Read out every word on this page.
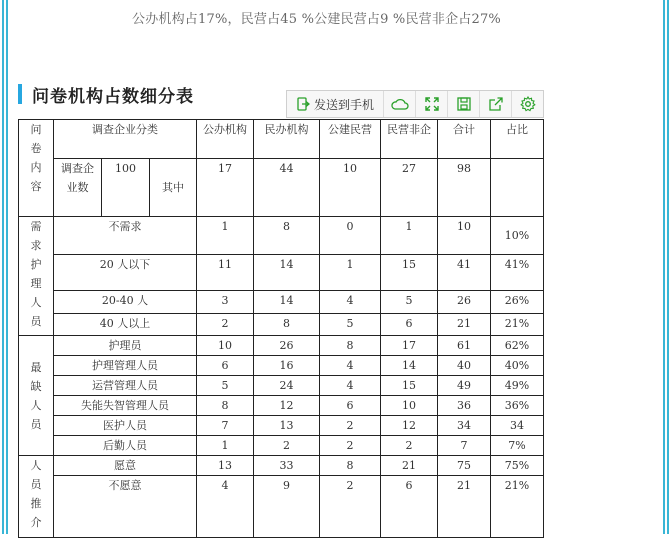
公办机构占17%，民营占45 %公建民营占9 %民营非企占27%
问卷机构占数细分表	发送到手机
问卷内容	调查企业分类			公办机构	民办机构	公建民营	民营非企	合计	占比

	调查企业数	100	其中	17	44	10	27	98	

需求护理人员	不需求			1	8	0	1	10	10%
	20 人以下			11	14	1	15	41	41%
	20-40 人			3	14	4	5	26	26%
	40 人以上			2	8	5	6	21	21%

最缺人员	护理员			10	26	8	17	61	62%
	护理管理人员			6	16	4	14	40	40%
	运营管理人员			5	24	4	15	49	49%
	失能失智管理人员			8	12	6	10	36	36%
	医护人员			7	13	2	12	34	34
	后勤人员			1	2	2	2	7	7%

人员推介	愿意			13	33	8	21	75	75%
	不愿意			4	9	2	6	21	21%
